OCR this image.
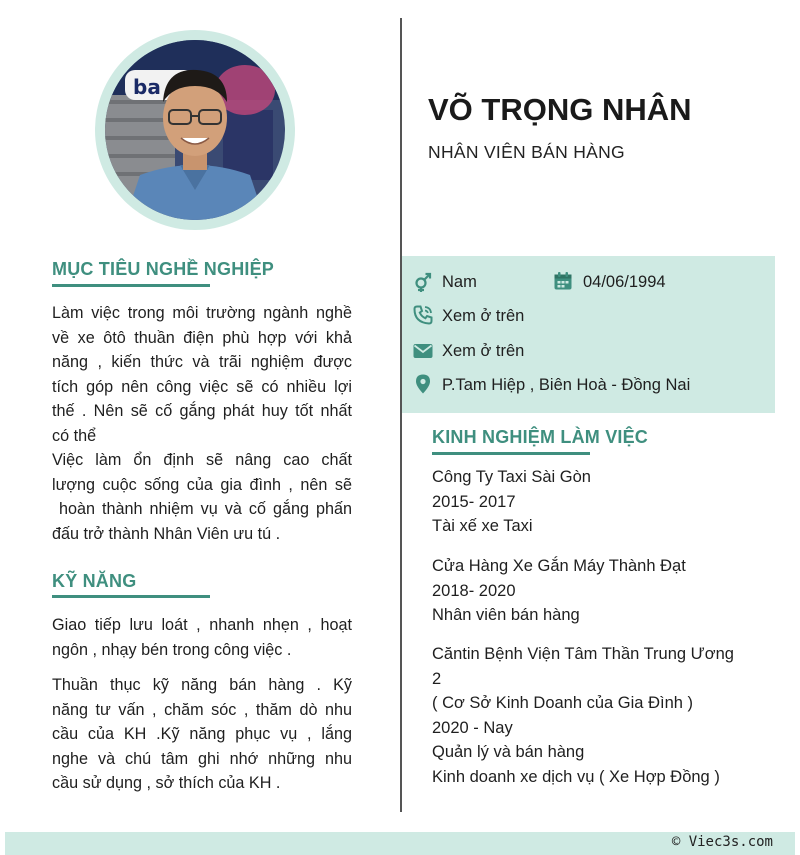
ba
MỤC TIÊU NGHỀ NGHIỆP
Làm việc trong môi trường ngành nghề
về xe ôtô thuần điện phù hợp với khả
năng , kiến thức và trãi nghiệm được
tích góp nên công việc sẽ có nhiều lợi
thế . Nên sẽ cố gắng phát huy tốt nhất
có thể
Việc làm ổn định sẽ nâng cao chất
lượng cuộc sống của gia đình , nên sẽ
hoàn thành nhiệm vụ và cố gắng phấn
đấu trở thành Nhân Viên ưu tú .
KỸ NĂNG
Giao tiếp lưu loát , nhanh nhẹn , hoạt
ngôn , nhạy bén trong công việc .
Thuần thục kỹ năng bán hàng . Kỹ
năng tư vấn , chăm sóc , thăm dò nhu
cầu của KH .Kỹ năng phục vụ , lắng
nghe và chú tâm ghi nhớ những nhu
cầu sử dụng , sở thích của KH .
VÕ TRỌNG NHÂN
NHÂN VIÊN BÁN HÀNG
Nam	04/06/1994
Xem ở trên
Xem ở trên
P.Tam Hiệp , Biên Hoà - Đồng Nai
KINH NGHIỆM LÀM VIỆC
Công Ty Taxi Sài Gòn
2015- 2017
Tài xế xe Taxi
Cửa Hàng Xe Gắn Máy Thành Đạt
2018- 2020
Nhân viên bán hàng
Căntin Bệnh Viện Tâm Thần Trung Ương
2
( Cơ Sở Kinh Doanh của Gia Đình )
2020 - Nay
Quản lý và bán hàng
Kinh doanh xe dịch vụ ( Xe Hợp Đồng )
© Viec3s.com
